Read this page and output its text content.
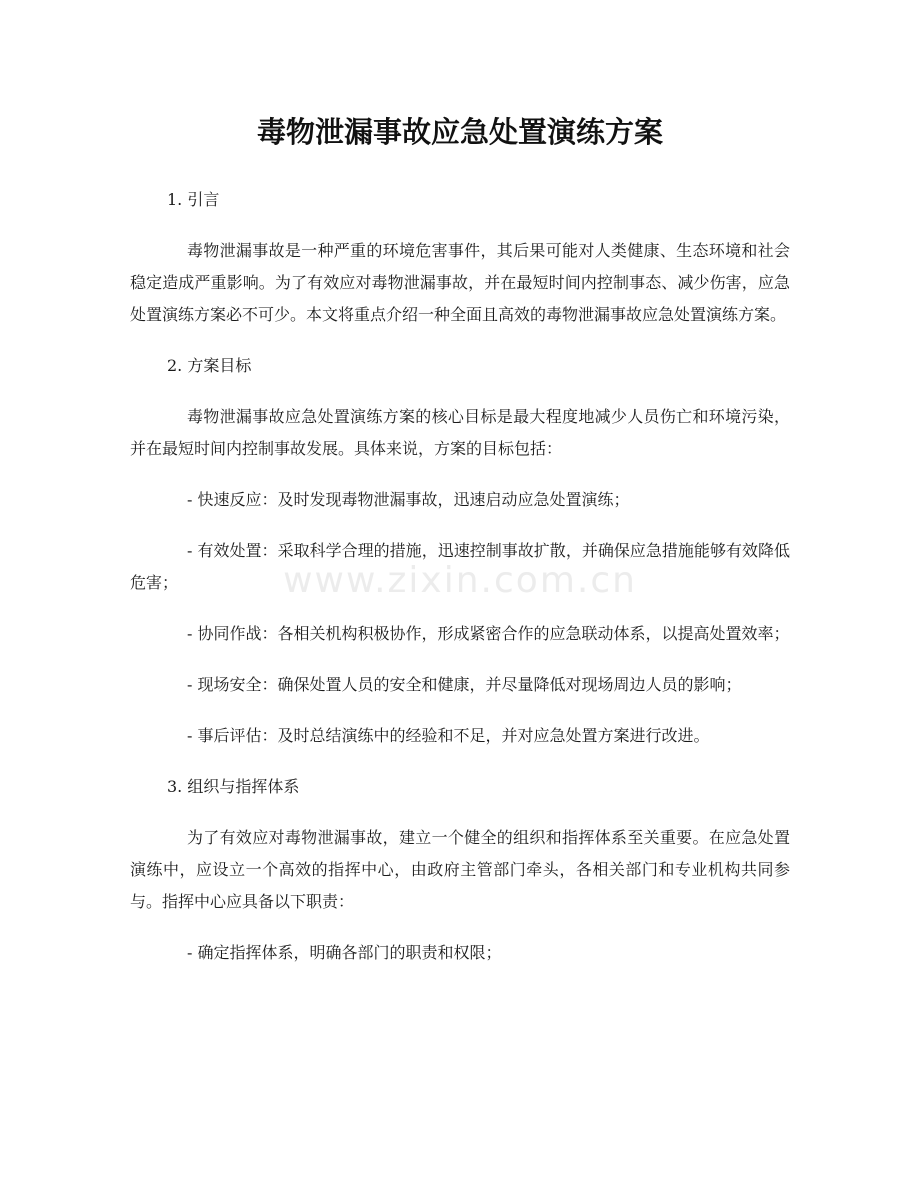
毒物泄漏事故应急处置演练方案

1. 引言

毒物泄漏事故是一种严重的环境危害事件，其后果可能对人类健康、生态环境和社会稳定造成严重影响。为了有效应对毒物泄漏事故，并在最短时间内控制事态、减少伤害，应急处置演练方案必不可少。本文将重点介绍一种全面且高效的毒物泄漏事故应急处置演练方案。

2. 方案目标

毒物泄漏事故应急处置演练方案的核心目标是最大程度地减少人员伤亡和环境污染，并在最短时间内控制事故发展。具体来说，方案的目标包括：

- 快速反应：及时发现毒物泄漏事故，迅速启动应急处置演练；

- 有效处置：采取科学合理的措施，迅速控制事故扩散，并确保应急措施能够有效降低危害；

- 协同作战：各相关机构积极协作，形成紧密合作的应急联动体系，以提高处置效率；

- 现场安全：确保处置人员的安全和健康，并尽量降低对现场周边人员的影响；

- 事后评估：及时总结演练中的经验和不足，并对应急处置方案进行改进。

3. 组织与指挥体系

为了有效应对毒物泄漏事故，建立一个健全的组织和指挥体系至关重要。在应急处置演练中，应设立一个高效的指挥中心，由政府主管部门牵头，各相关部门和专业机构共同参与。指挥中心应具备以下职责：

- 确定指挥体系，明确各部门的职责和权限；

www.zixin.com.cn
